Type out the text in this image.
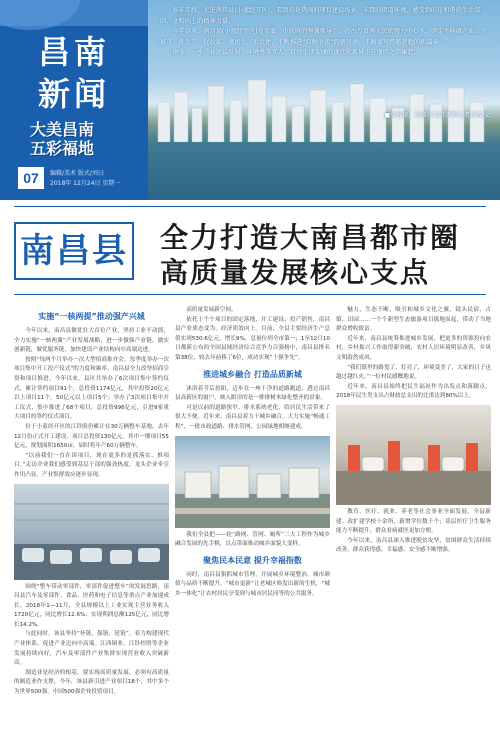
昌南
新闻
大美昌南
五彩福地
07	编辑/美术 版式/刘曰
2018年 12月24日 星期一

岁末年终，走进南昌县(小蓝经开区)，看到的是热闹的项目建设场景，丰饶的街道环境，感受到的是和谐的生活氛围、文明向上的精神力量。

今年以来，南昌县(小蓝经开区)在市委、市政府的坚强领导下，在古万县南人民的努力中心下，坚定不移调产业、兴城市、优生态、促改革、惠民生、重党建，不断推进“百舸争流”的新迅速，不断谱写跨越赶超的新篇章。

南今，一座产业迅猛发展、环境秀美宜人、百姓生活安康的现代化新城正在继续之滨崛起。

■高林秘、季维 中国江西网记者孙辉/文
南昌县 全力打造大南昌都市圈
高质量发展核心支点
实施“一核两提”推动强产兴城

今年以来，南昌县做优壮大首位产业，坚持工业不动摇，全力实施“一核两翼”产业发展战略，进一步做强产业链，做实创新链，做优服务链，加快建设产业结构向中高端迈进。

按照“每两个月举办一次大型招商推介会，每季度举办一次项目集中开工投产仪式”的力度和频率，南昌县全力改坚招商引资和项目推进。今年以来，县区共举办了6次项目集中签约仪式，累计签约项目91个，总投资1174亿元，其中投资20亿元以上项目11个，50亿元以上项目5个；举办了3次项目集中开工仪式，集中推进了68个项目，总投资996亿元，引进9家重大项目的签约仪式项目。

位于小蓝经开区的江铃股份累计在30万辆整车基地，去年12月份正式开工建设，项目总投资130亿元，其中一期项目55亿元，规划面积1650亩，届时将年产60万辆整车。

“以前我们一直在谈项目，现在更多的是抓落实、推项目。”走访企业我们感受到基层干部的强劲热度。龙头企业牵引作用凸显，产业集群效应逐步显现。

围绕“整车带动零部件，零部件促进整车”的发展思路，南昌县汽车及零部件、食品、医药和电子信息等重点产业加速成长。2018年1—11月，全县规模以上工业实现主营业务收入1720亿元，同比增长12.6%；实现利润总额125亿元，同比增长14.2%。

与此同时，该县坚持“补链、强链、延链”，着力构建现代产业体系，促进产业迈向中高端。江西铜业、江铃控股等企业发展持续向好，汽车及零部件产业集群实现营业收入突破新高。

制造业是经济的根基，要实现高质量发展，必须有高质量的制造业作支撑。今年，该县新引进产业项目18个，其中多个为世界500强、中国500强企业投资项目。

高质量发展新空间。

依托于个个项目的固定落地、开工建设、投产销售，南昌县产业质态变为、经济质效向上。目前，全县主要经济生产总值实现530.6亿元，增长9%，总量位列全市第一；1至12月10日都新公布的全国县域经济综合竞争力百强榜中，南昌县排名第38位，较去年前移了6位，成功实现“十强争先”。

推进城乡融合 打造品质新城

沐浴着节后晨阳，迈步在一座干净的道路跑道，透过南昌县高新区的窗户，映入眼帘的是一排排树木绿化整齐的景象。

可是以前的道路狭窄、排水系统老化，给居民生活带来了很大不便。近年来，南昌县着力于城乡融合，大力实施“畅通工程”，一批市政道路、排水管网、公园绿地相继建成。

我们全县把——轮“路网、管网、厕所”三大工程作为城乡融合发展的先手棋，以点带面推动城乡面貌大变样。

聚焦民本民意 提升幸福指数

同时，南昌县狠抓城市管理，开展城乡环境整治，城市颜值与品质不断提升。“城市更新”让老城区焕发出新的生机，“城乡一体化”让农村居民享受到与城市居民同等的公共服务。

魅力，生态不断，吸引和城乡文化之翼，镜头民宿、古镇、田园……一个个新型生态旅游项目拔地而起，带动了当地群众增收致富。

近年来，南昌县统筹推进城乡发展，把更多的资源投向农村，乡村振兴工作取得新突破，农村人居环境明显改善，乡风文明蔚然成风。

“我们镇里的路宽了，灯亮了，环境变美了，大家的日子也越过越红火。”一位村民感慨地说。

近年来，南昌县始终把民生福祉作为出发点和落脚点，2018年民生类支出占财政总支出的比重达到80%以上。

教育、医疗、就业、养老等社会事业全面发展。全县新建、改扩建学校十余所，新增学位数千个；基层医疗卫生服务能力不断提升，群众看病就医更加方便。

今年以来，南昌县深入推进脱贫攻坚，贫困群众生活持续改善，群众获得感、幸福感、安全感不断增强。
